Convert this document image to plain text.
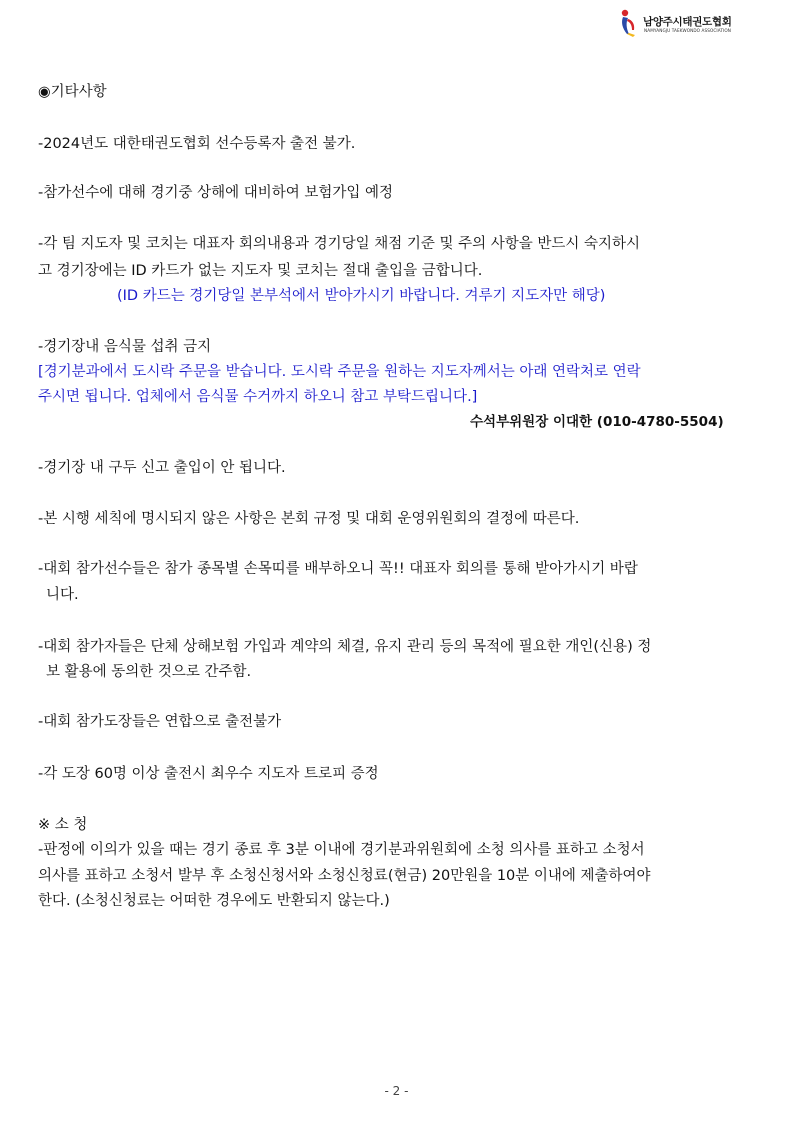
남양주시태권도협회
NAMYANGJU TAEKWONDO ASSOCIATION
◉기타사항
-2024년도 대한태권도협회 선수등록자 출전 불가.
-참가선수에 대해 경기중 상해에 대비하여 보험가입 예정
-각 팀 지도자 및 코치는 대표자 회의내용과 경기당일 채점 기준 및 주의 사항을 반드시 숙지하시
고 경기장에는 ID 카드가 없는 지도자 및 코치는 절대 출입을 금합니다.
(ID 카드는 경기당일 본부석에서 받아가시기 바랍니다. 겨루기 지도자만 해당)
-경기장내 음식물 섭취 금지
[경기분과에서 도시락 주문을 받습니다. 도시락 주문을 원하는 지도자께서는 아래 연락처로 연락
주시면 됩니다. 업체에서 음식물 수거까지 하오니 참고 부탁드립니다.]
수석부위원장 이대한 (010-4780-5504)
-경기장 내 구두 신고 출입이 안 됩니다.
-본 시행 세칙에 명시되지 않은 사항은 본회 규정 및 대회 운영위원회의 결정에 따른다.
-대회 참가선수들은 참가 종목별 손목띠를 배부하오니 꼭!! 대표자 회의를 통해 받아가시기 바랍
니다.
-대회 참가자들은 단체 상해보험 가입과 계약의 체결, 유지 관리 등의 목적에 필요한 개인(신용) 정
보 활용에 동의한 것으로 간주함.
-대회 참가도장들은 연합으로 출전불가
-각 도장 60명 이상 출전시 최우수 지도자 트로피 증정
※ 소 청
-판정에 이의가 있을 때는 경기 종료 후 3분 이내에 경기분과위원회에 소청 의사를 표하고 소청서
의사를 표하고 소청서 발부 후 소청신청서와 소청신청료(현금) 20만원을 10분 이내에 제출하여야
한다. (소청신청료는 어떠한 경우에도 반환되지 않는다.)
- 2 -
